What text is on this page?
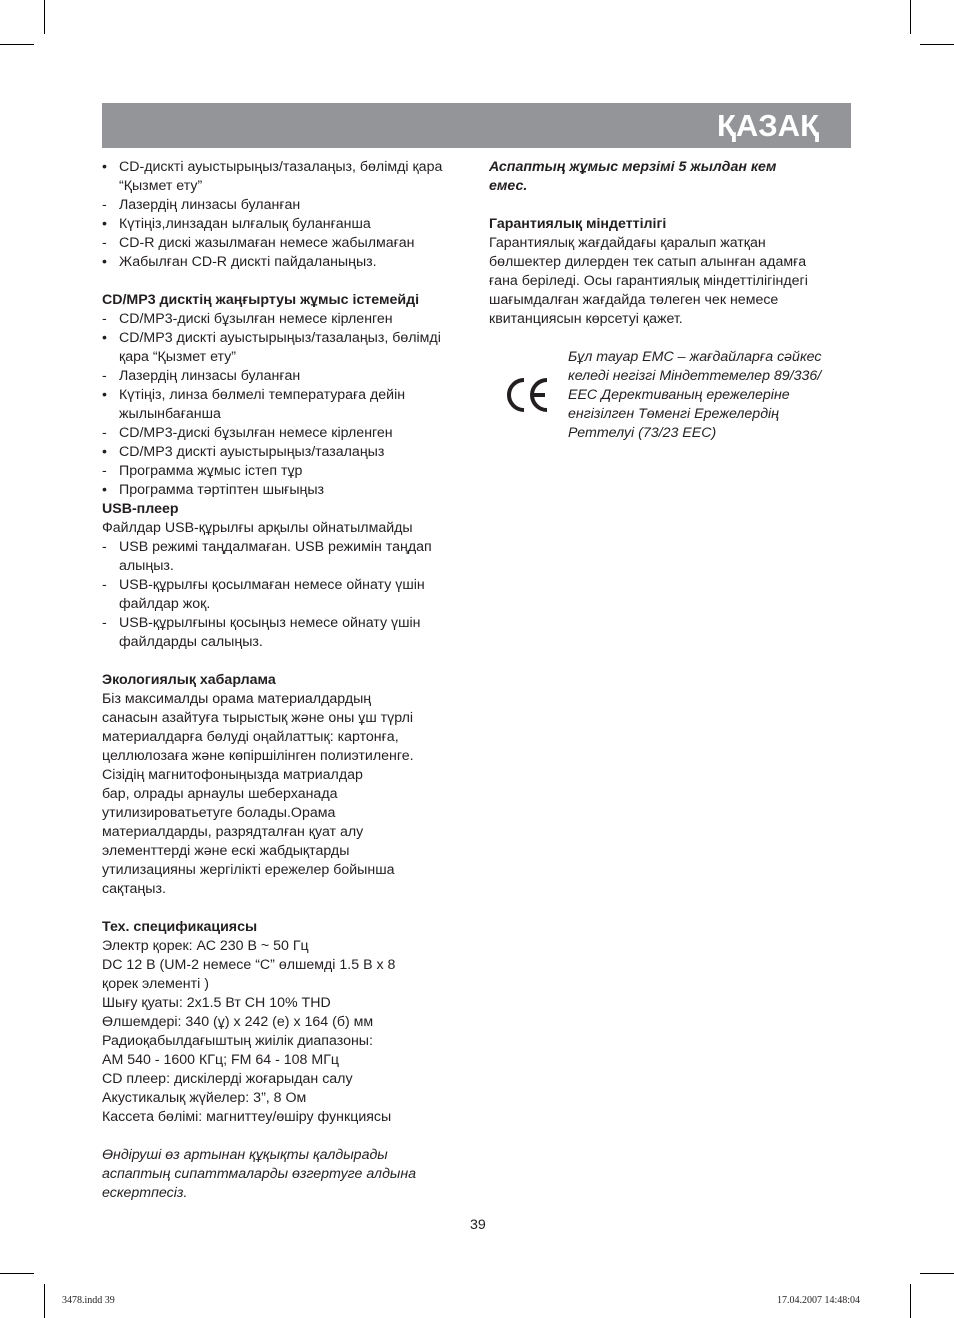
ҚАЗАҚ
• CD-дискті ауыстырыңыз/тазалаңыз, бөлімді қара “Қызмет ету”
- Лазердің линзасы буланған
• Күтіңіз,линзадан ылғалық буланғанша
- CD-R дискі жазылмаған немесе жабылмаған
• Жабылған CD-R дискті пайдаланыңыз.

CD/MP3 дисктің жаңғыртуы жұмыс істемейді

- CD/MP3-дискі бұзылған немесе кірленген
• CD/MP3 дискті ауыстырыңыз/тазалаңыз, бөлімді қара “Қызмет ету”
- Лазердің линзасы буланған
• Күтіңіз, линза бөлмелі температураға дейін жылынбағанша
- CD/MP3-дискі бұзылған немесе кірленген
• CD/MP3 дискті ауыстырыңыз/тазалаңыз
- Программа жұмыс істеп тұр
• Программа тәртіптен шығыңыз

USB-плеер

Файлдар USB-құрылғы арқылы ойнатылмайды

- USB режимі таңдалмаған. USB режимін таңдап алыңыз.
- USB-құрылғы қосылмаған немесе ойнату үшін файлдар жоқ.
- USB-құрылғыны қосыңыз немесе ойнату үшін файлдарды салыңыз.

Экологиялық хабарлама

Біз максималды орама материалдардың

санасын азайтуға тырыстық және оны ұш түрлі

материалдарға бөлуді оңайлаттық: картонға,

целлюлозаға және көпіршілінген полиэтиленге.

Сізідің магнитофоныңызда матриалдар

бар, олрады арнаулы шеберханада

утилизироватьетуге болады.Орама

материалдарды, разрядталған қуат алу

элементтерді және ескі жабдықтарды

утилизацияны жергілікті ережелер бойынша

сақтаңыз.

Тех. спецификациясы

Электр қорек: АС 230 В ~ 50 Гц

DC 12 В (UM-2 немесе “С” өлшемді 1.5 В х 8

қорек элементі )

Шығу қуаты: 2х1.5 Вт СН 10% THD

Өлшемдері: 340 (ұ) х 242 (е) х 164 (б) мм

Радиоқабылдағыштың жиілік диапазоны:

AM 540 - 1600 КГц; FM 64 - 108 МГц

CD плеер: дискілерді жоғарыдан салу

Акустикалық жүйелер: 3”, 8 Ом

Кассета бөлімі: магниттеу/өшіру функциясы

Өндіруші өз артынан құқықты қалдырады

аспаптың сипаттмаларды өзгертуге алдына

ескертпесіз.

Аспаптың жұмыс мерзімі 5 жылдан кем

емес.

Гарантиялық міндеттілігі

Гарантиялық жағдайдағы қаралып жатқан

бөлшектер дилерден тек сатып алынған адамға

ғана беріледі. Осы гарантиялық міндеттілігіндегі

шағымдалған жағдайда төлеген чек немесе

квитанциясын көрсетуі қажет.

Бұл тауар ЕМС – жағдайларға сәйкес

келеді негізгі Міндеттемелер 89/336/

EEC Дерективаның ережелеріне

енгізілген Төменгі Ережелердің

Реттелуі (73/23 EEC)

39
3478.indd 39	17.04.2007 14:48:04
